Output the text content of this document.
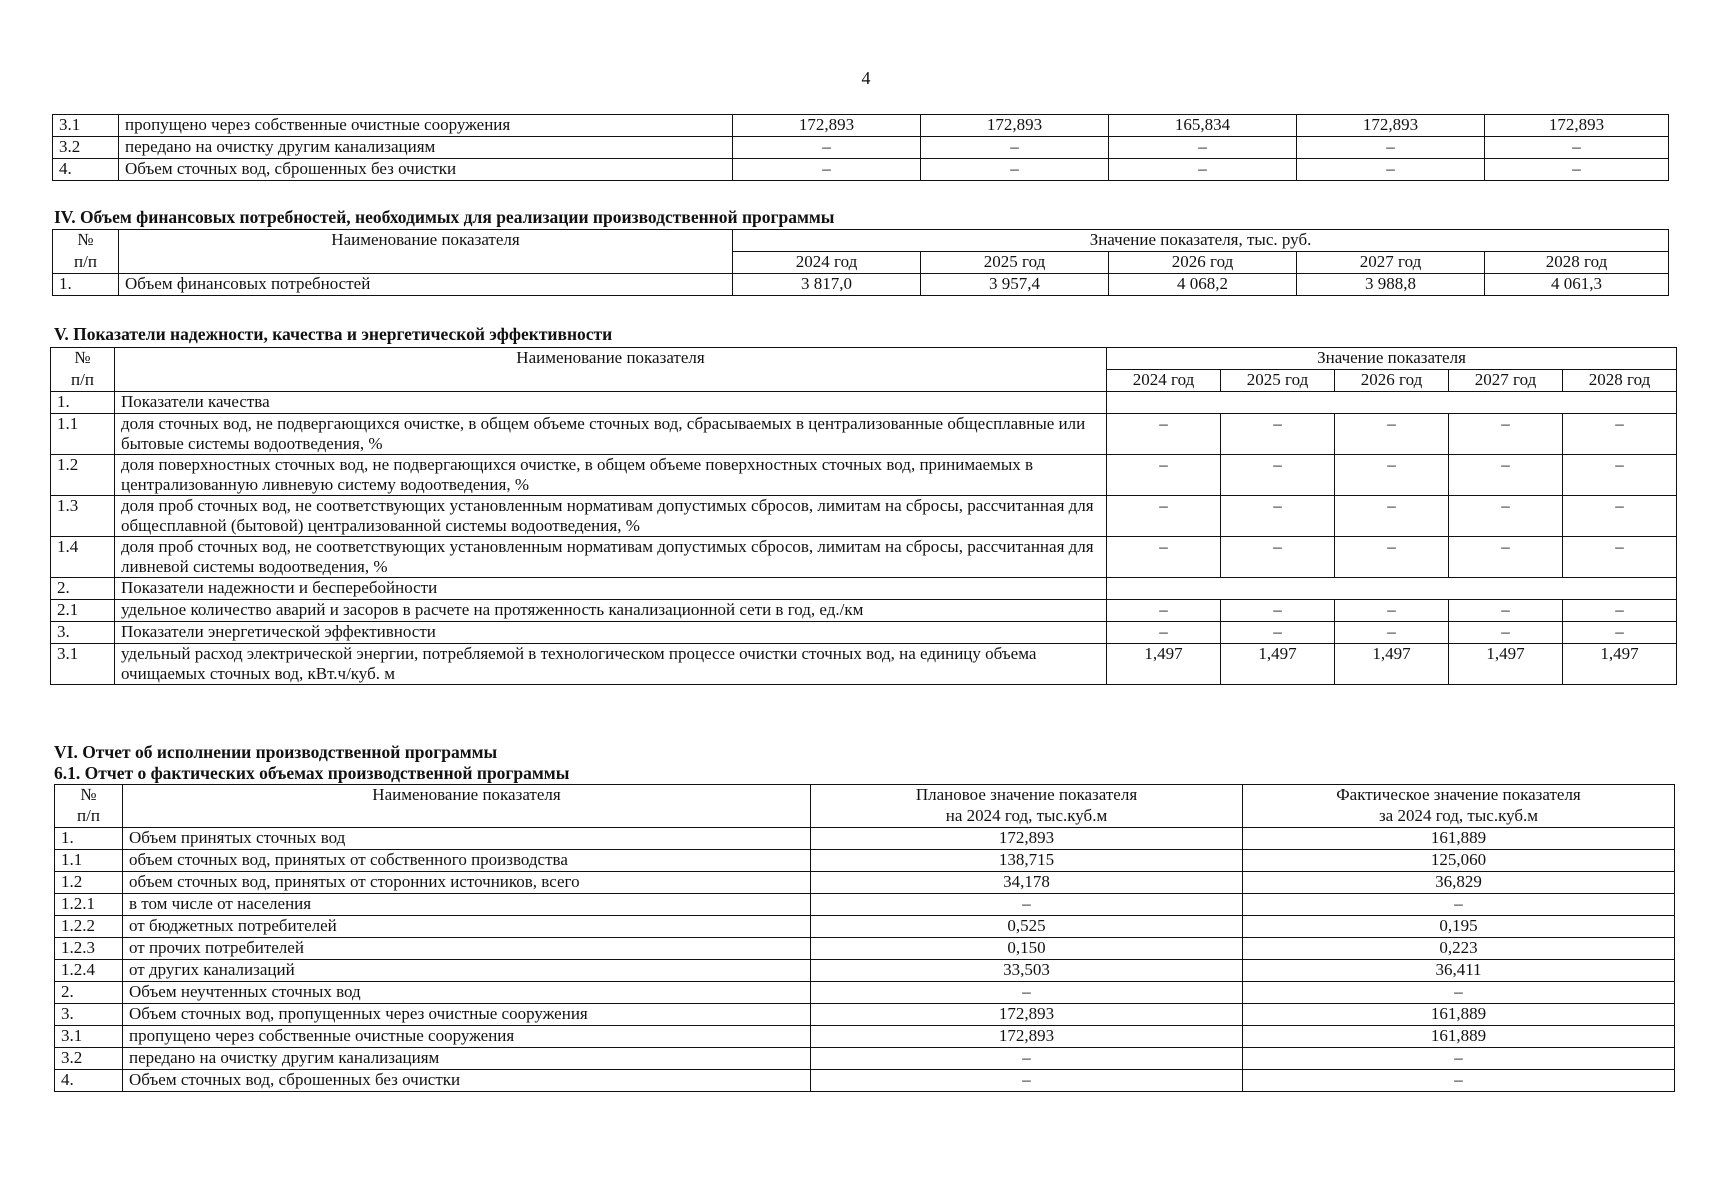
4
3.1	пропущено через собственные очистные сооружения	172,893	172,893	165,834	172,893	172,893
3.2	передано на очистку другим канализациям	–	–	–	–	–
4.	Объем сточных вод, сброшенных без очистки	–	–	–	–	–
IV. Объем финансовых потребностей, необходимых для реализации производственной программы
№	Наименование показателя	Значение показателя, тыс. руб.				
п/п		2024 год	2025 год	2026 год	2027 год	2028 год
1.	Объем финансовых потребностей	3 817,0	3 957,4	4 068,2	3 988,8	4 061,3
V. Показатели надежности, качества и энергетической эффективности
№	Наименование показателя	Значение показателя				
п/п		2024 год	2025 год	2026 год	2027 год	2028 год
1.	Показатели качества					
1.1	доля сточных вод, не подвергающихся очистке, в общем объеме сточных вод, сбрасываемых в централизованные общесплавные или бытовые системы водоотведения, %	–	–	–	–	–
1.2	доля поверхностных сточных вод, не подвергающихся очистке, в общем объеме поверхностных сточных вод, принимаемых в централизованную ливневую систему водоотведения, %	–	–	–	–	–
1.3	доля проб сточных вод, не соответствующих установленным нормативам допустимых сбросов, лимитам на сбросы, рассчитанная для общесплавной (бытовой) централизованной системы водоотведения, %	–	–	–	–	–
1.4	доля проб сточных вод, не соответствующих установленным нормативам допустимых сбросов, лимитам на сбросы, рассчитанная для ливневой системы водоотведения, %	–	–	–	–	–
2.	Показатели надежности и бесперебойности					
2.1	удельное количество аварий и засоров в расчете на протяженность канализационной сети в год, ед./км	–	–	–	–	–
3.	Показатели энергетической эффективности	–	–	–	–	–
3.1	удельный расход электрической энергии, потребляемой в технологическом процессе очистки сточных вод, на единицу объема очищаемых сточных вод, кВт.ч/куб. м	1,497	1,497	1,497	1,497	1,497
VI. Отчет об исполнении производственной программы
6.1. Отчет о фактических объемах производственной программы
№	Наименование показателя	Плановое значение показателя	Фактическое значение показателя
п/п		на 2024 год, тыс.куб.м	за 2024 год, тыс.куб.м
1.	Объем принятых сточных вод	172,893	161,889
1.1	объем сточных вод, принятых от собственного производства	138,715	125,060
1.2	объем сточных вод, принятых от сторонних источников, всего	34,178	36,829
1.2.1	в том числе от населения	–	–
1.2.2	от бюджетных потребителей	0,525	0,195
1.2.3	от прочих потребителей	0,150	0,223
1.2.4	от других канализаций	33,503	36,411
2.	Объем неучтенных сточных вод	–	–
3.	Объем сточных вод, пропущенных через очистные сооружения	172,893	161,889
3.1	пропущено через собственные очистные сооружения	172,893	161,889
3.2	передано на очистку другим канализациям	–	–
4.	Объем сточных вод, сброшенных без очистки	–	–
